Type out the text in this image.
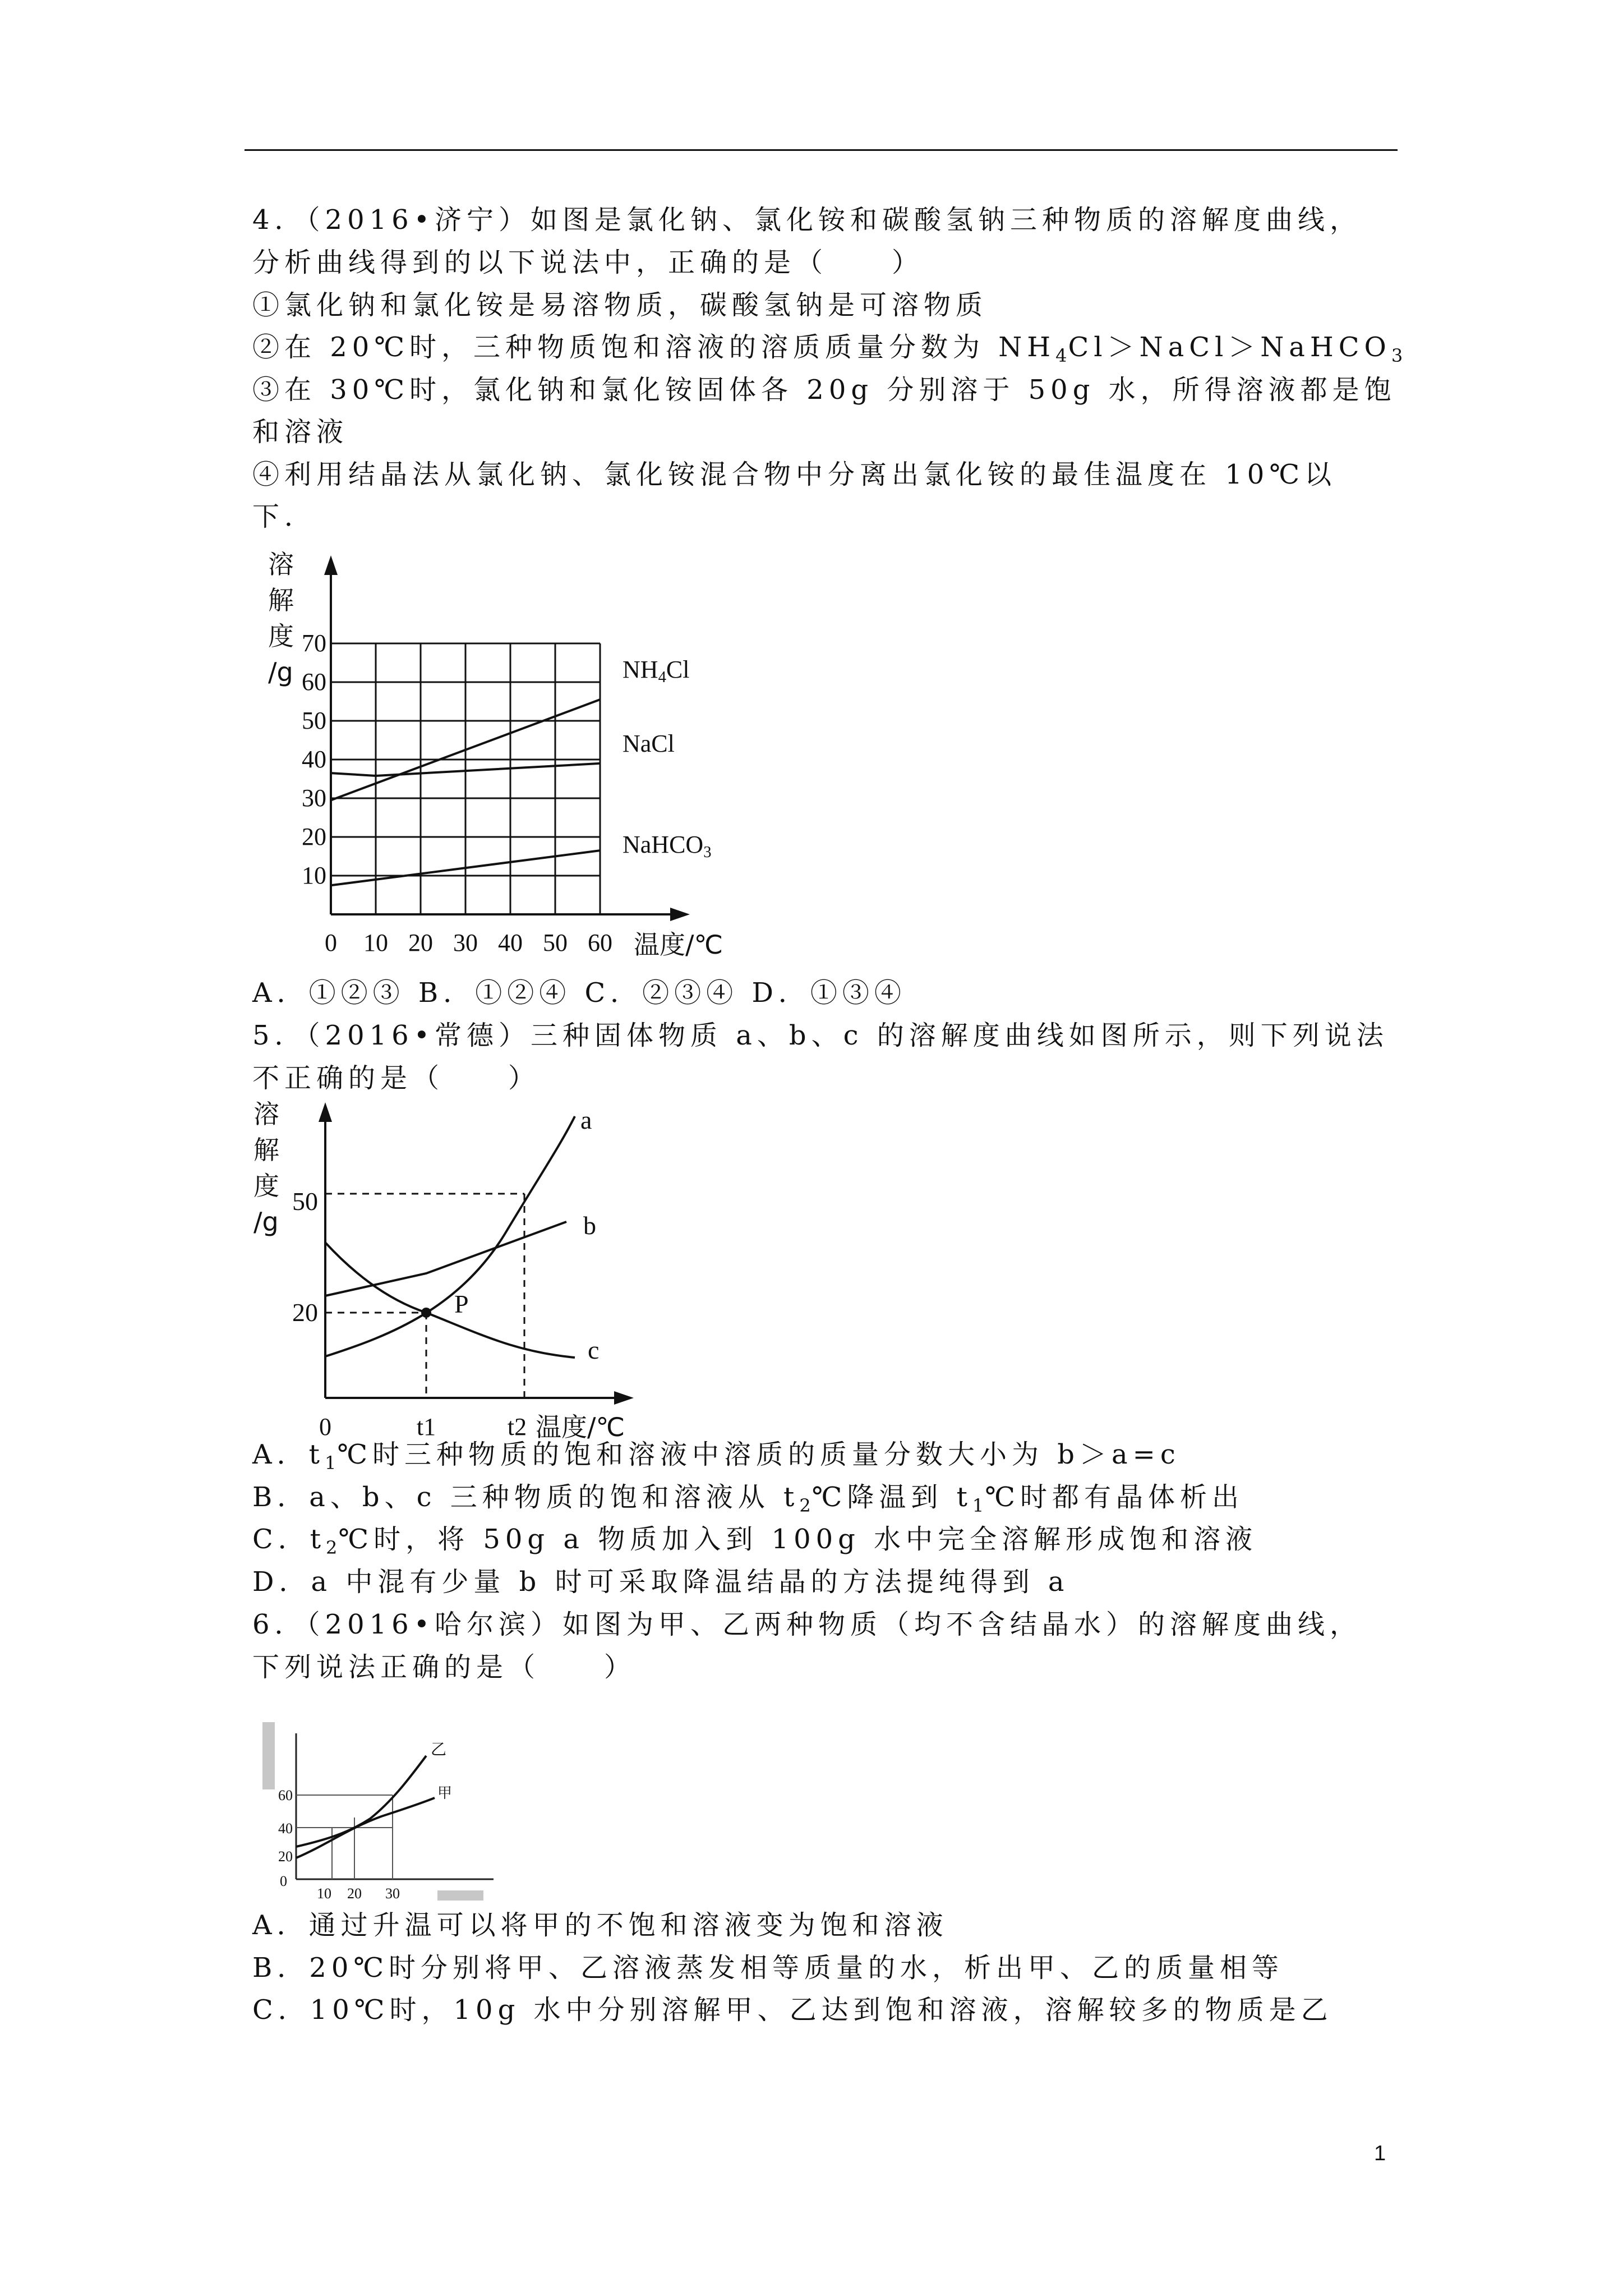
4．（2016•济宁）如图是氯化钠、氯化铵和碳酸氢钠三种物质的溶解度曲线，
分析曲线得到的以下说法中，正确的是（　　）
①氯化钠和氯化铵是易溶物质，碳酸氢钠是可溶物质
②在 20℃时，三种物质饱和溶液的溶质质量分数为 $NH_4Cl>NaCl>NaHCO_3$
③在 30℃时，氯化钠和氯化铵固体各 20g 分别溶于 50g 水，所得溶液都是饱
和溶液
④利用结晶法从氯化钠、氯化铵混合物中分离出氯化铵的最佳温度在 10℃以
下．
0 10 20 30 40 50 60
10
20
30
40
50
60
70
溶
解
度
/g
温度/℃
NH4Cl
NaCl
NaHCO3
A．①②③ B．①②④ C．②③④ D．①③④
5．（2016•常德）三种固体物质 a、b、c 的溶解度曲线如图所示，则下列说法
不正确的是（　　）
P
a
b
c
50
20
0	t1	t2
溶
解
度
/g
温度/℃
A．$t_1℃$时三种物质的饱和溶液中溶质的质量分数大小为 b＞a=c
B．a、b、c 三种物质的饱和溶液从 $t_2℃$降温到 $t_1℃$时都有晶体析出
C．$t_2℃$时，将 50g a 物质加入到 100g 水中完全溶解形成饱和溶液
D．a 中混有少量 b 时可采取降温结晶的方法提纯得到 a
6．（2016•哈尔滨）如图为甲、乙两种物质（均不含结晶水）的溶解度曲线，
下列说法正确的是（　　）
乙
甲
60
40
20
0
10 20 30
A．通过升温可以将甲的不饱和溶液变为饱和溶液
B．20℃时分别将甲、乙溶液蒸发相等质量的水，析出甲、乙的质量相等
C．10℃时，10g 水中分别溶解甲、乙达到饱和溶液，溶解较多的物质是乙
1
